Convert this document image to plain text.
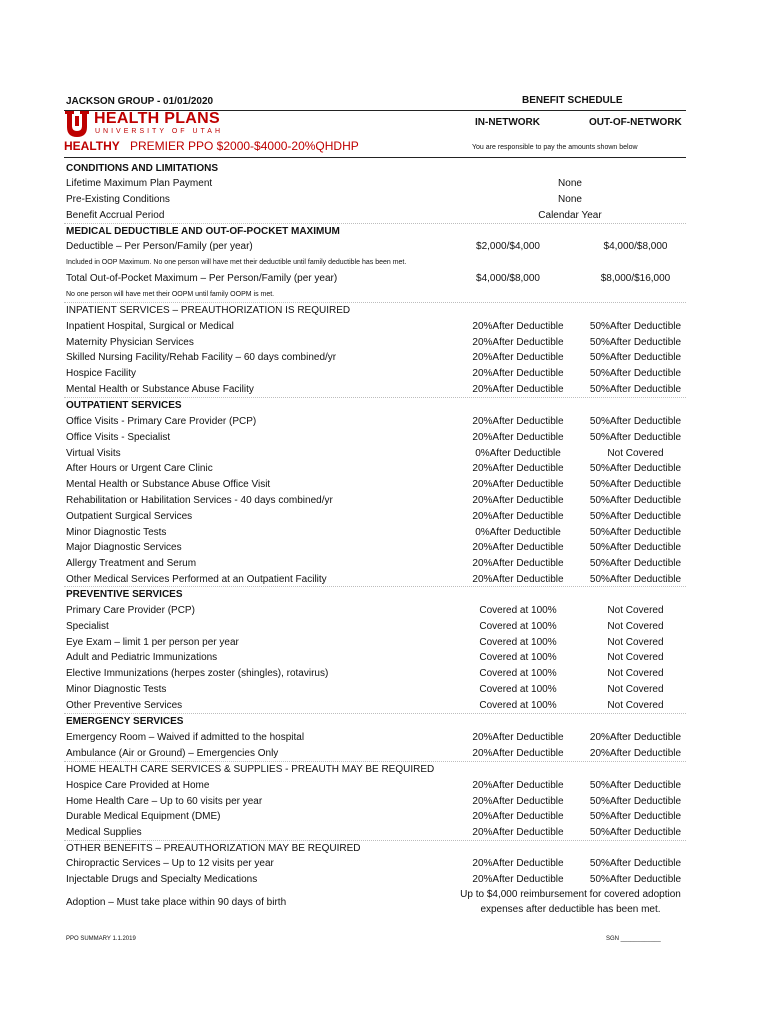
JACKSON GROUP - 01/01/2020	BENEFIT SCHEDULE
HEALTH PLANS
UNIVERSITY OF UTAH
HEALTHY PREMIER PPO $2000-$4000-20%QHDHP
IN-NETWORK	OUT-OF-NETWORK
You are responsible to pay the amounts shown below
CONDITIONS AND LIMITATIONS
Lifetime Maximum Plan Payment	None
Pre-Existing Conditions	None
Benefit Accrual Period	Calendar Year
MEDICAL DEDUCTIBLE AND OUT-OF-POCKET MAXIMUM
Deductible – Per Person/Family (per year)	$2,000/$4,000	$4,000/$8,000
Included in OOP Maximum. No one person will have met their deductible until family deductible has been met.
Total Out-of-Pocket Maximum – Per Person/Family (per year)	$4,000/$8,000	$8,000/$16,000
No one person will have met their OOPM until family OOPM is met.
INPATIENT SERVICES – PREAUTHORIZATION IS REQUIRED
Inpatient Hospital, Surgical or Medical	20%After Deductible	50%After Deductible
Maternity Physician Services	20%After Deductible	50%After Deductible
Skilled Nursing Facility/Rehab Facility – 60 days combined/yr	20%After Deductible	50%After Deductible
Hospice Facility	20%After Deductible	50%After Deductible
Mental Health or Substance Abuse Facility	20%After Deductible	50%After Deductible
OUTPATIENT SERVICES
Office Visits - Primary Care Provider (PCP)	20%After Deductible	50%After Deductible
Office Visits - Specialist	20%After Deductible	50%After Deductible
Virtual Visits	0%After Deductible	Not Covered
After Hours or Urgent Care Clinic	20%After Deductible	50%After Deductible
Mental Health or Substance Abuse Office Visit	20%After Deductible	50%After Deductible
Rehabilitation or Habilitation Services - 40 days combined/yr	20%After Deductible	50%After Deductible
Outpatient Surgical Services	20%After Deductible	50%After Deductible
Minor Diagnostic Tests	0%After Deductible	50%After Deductible
Major Diagnostic Services	20%After Deductible	50%After Deductible
Allergy Treatment and Serum	20%After Deductible	50%After Deductible
Other Medical Services Performed at an Outpatient Facility	20%After Deductible	50%After Deductible
PREVENTIVE SERVICES
Primary Care Provider (PCP)	Covered at 100%	Not Covered
Specialist	Covered at 100%	Not Covered
Eye Exam – limit 1 per person per year	Covered at 100%	Not Covered
Adult and Pediatric Immunizations	Covered at 100%	Not Covered
Elective Immunizations (herpes zoster (shingles), rotavirus)	Covered at 100%	Not Covered
Minor Diagnostic Tests	Covered at 100%	Not Covered
Other Preventive Services	Covered at 100%	Not Covered
EMERGENCY SERVICES
Emergency Room – Waived if admitted to the hospital	20%After Deductible	20%After Deductible
Ambulance (Air or Ground) – Emergencies Only	20%After Deductible	20%After Deductible
HOME HEALTH CARE SERVICES & SUPPLIES - PREAUTH MAY BE REQUIRED
Hospice Care Provided at Home	20%After Deductible	50%After Deductible
Home Health Care – Up to 60 visits per year	20%After Deductible	50%After Deductible
Durable Medical Equipment (DME)	20%After Deductible	50%After Deductible
Medical Supplies	20%After Deductible	50%After Deductible
OTHER BENEFITS – PREAUTHORIZATION MAY BE REQUIRED
Chiropractic Services – Up to 12 visits per year	20%After Deductible	50%After Deductible
Injectable Drugs and Specialty Medications	20%After Deductible	50%After Deductible
Adoption – Must take place within 90 days of birth
Up to $4,000 reimbursement for covered adoption
expenses after deductible has been met.
PPO SUMMARY 1.1.2019	SGN ____________
